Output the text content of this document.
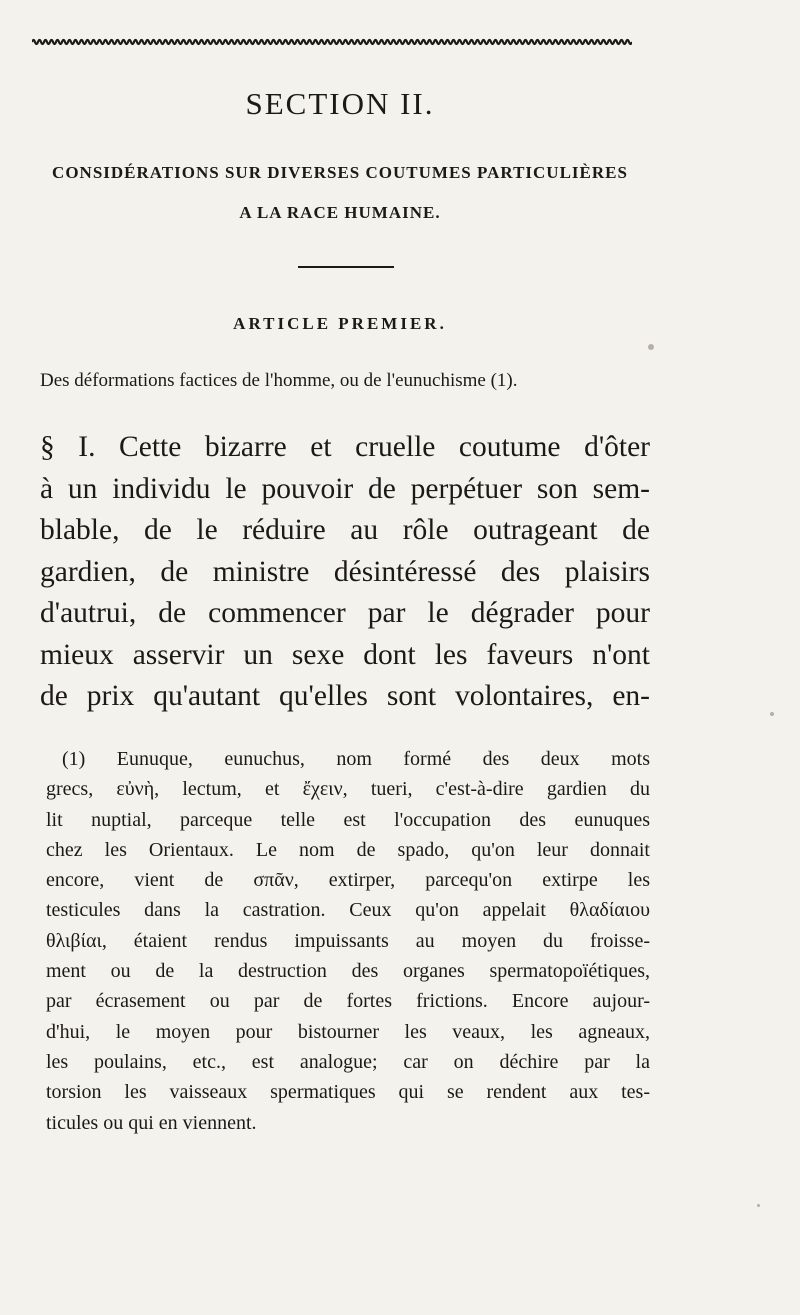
SECTION II.
CONSIDÉRATIONS SUR DIVERSES COUTUMES PARTICULIÈRES
A LA RACE HUMAINE.
ARTICLE PREMIER.
Des déformations factices de l'homme, ou de l'eunuchisme (1).
§ I. Cette bizarre et cruelle coutume d'ôter
à un individu le pouvoir de perpétuer son sem-
blable, de le réduire au rôle outrageant de
gardien, de ministre désintéressé des plaisirs
d'autrui, de commencer par le dégrader pour
mieux asservir un sexe dont les faveurs n'ont
de prix qu'autant qu'elles sont volontaires, en-
(1) Eunuque, eunuchus, nom formé des deux mots
grecs, εὐνὴ, lectum, et ἔχειν, tueri, c'est-à-dire gardien du
lit nuptial, parceque telle est l'occupation des eunuques
chez les Orientaux. Le nom de spado, qu'on leur donnait
encore, vient de σπᾶν, extirper, parcequ'on extirpe les
testicules dans la castration. Ceux qu'on appelait θλαδίαιου
θλιβίαι, étaient rendus impuissants au moyen du froisse-
ment ou de la destruction des organes spermatopoïétiques,
par écrasement ou par de fortes frictions. Encore aujour-
d'hui, le moyen pour bistourner les veaux, les agneaux,
les poulains, etc., est analogue; car on déchire par la
torsion les vaisseaux spermatiques qui se rendent aux tes-
ticules ou qui en viennent.
